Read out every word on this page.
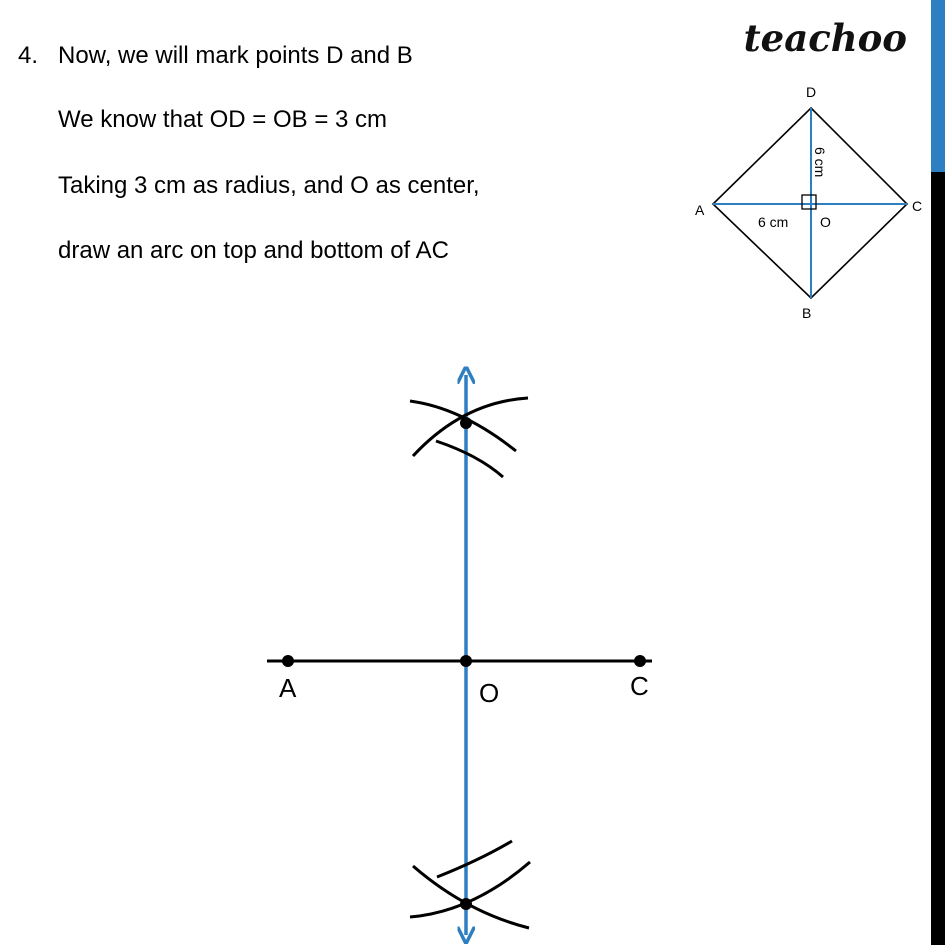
teachoo
4. Now, we will mark points D and B
We know that OD = OB = 3 cm
Taking 3 cm as radius, and O as center,
draw an arc on top and bottom of AC
D
A	C
B
O
6 cm
6 cm
A	O	C
